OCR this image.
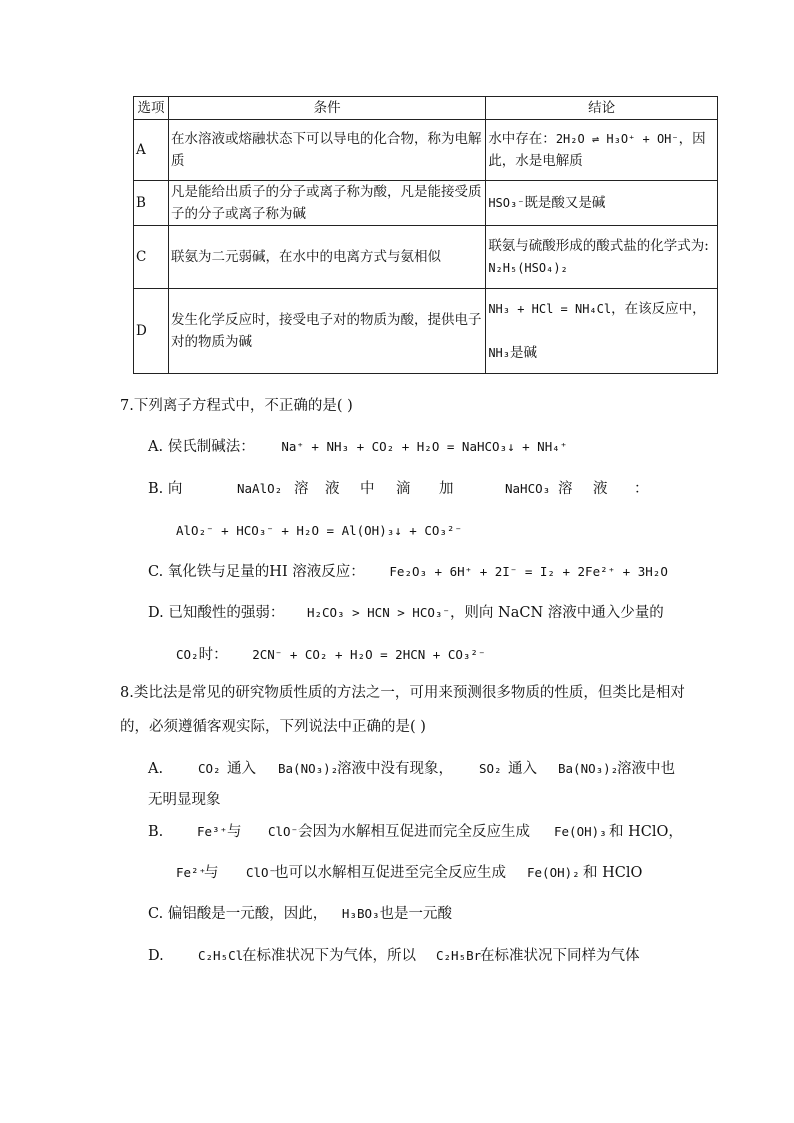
选项	条件	结论
A	在水溶液或熔融状态下可以导电的化合物，称为电解质	水中存在：2H₂O ⇌ H₃O⁺ + OH⁻，因此，水是电解质
B	凡是能给出质子的分子或离子称为酸，凡是能接受质子的分子或离子称为碱	HSO₃⁻既是酸又是碱
C	联氨为二元弱碱，在水中的电离方式与氨相似	联氨与硫酸形成的酸式盐的化学式为:
N₂H₅(HSO₄)₂
D	发生化学反应时，接受电子对的物质为酸，提供电子对的物质为碱	NH₃ + HCl = NH₄Cl，在该反应中，

NH₃是碱
7.下列离子方程式中，不正确的是( )
A. 侯氏制碱法： Na⁺ + NH₃ + CO₂ + H₂O = NaHCO₃↓ + NH₄⁺
B. 向	NaAlO₂ 溶 液 中 滴 加	NaHCO₃ 溶 液 ：
AlO₂⁻ + HCO₃⁻ + H₂O = Al(OH)₃↓ + CO₃²⁻
C. 氧化铁与足量的HI 溶液反应： Fe₂O₃ + 6H⁺ + 2I⁻ = I₂ + 2Fe²⁺ + 3H₂O
D. 已知酸性的强弱： H₂CO₃ > HCN > HCO₃⁻，则向 NaCN 溶液中通入少量的
CO₂时： 2CN⁻ + CO₂ + H₂O = 2HCN + CO₃²⁻
8.类比法是常见的研究物质性质的方法之一，可用来预测很多物质的性质，但类比是相对
的，必须遵循客观实际，下列说法中正确的是( )
A.	CO₂ 通入 Ba(NO₃)₂
溶液中没有现象， SO₂ 通入 Ba(NO₃)₂
溶液中也
无明显现象
B.	Fe³⁺ 与 ClO⁻ 会因为水解相互促进而完全反应生成 Fe(OH)₃ 和 HClO，
Fe²⁺
与 ClO⁻
也可以水解相互促进至完全反应生成 Fe(OH)₂ 和 HClO
C. 偏铝酸是一元酸，因此， H₃BO₃也是一元酸
D.	C₂H₅Cl
在标准状况下为气体，所以 C₂H₅Br
在标准状况下同样为气体
